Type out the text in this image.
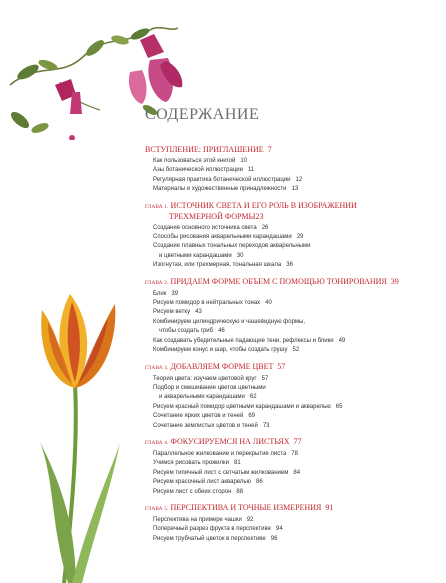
СОДЕРЖАНИЕ
ВСТУПЛЕНИЕ: ПРИГЛАШЕНИЕ 7
Как пользоваться этой книгой 10
Азы ботанической иллюстрации 11
Регулярная практика ботанической иллюстрации 12
Материалы и художественные принадлежности 13
ГЛАВА 1. ИСТОЧНИК СВЕТА И ЕГО РОЛЬ В ИЗОБРАЖЕНИИ
ТРЕХМЕРНОЙ ФОРМЫ23
Создание основного источника света 26
Способы рисования акварельными карандашами 29
Создание плавных тональных переходов акварельными
и цветными карандашами 30
Изогнутая, или трехмерная, тональная шкала 36
ГЛАВА 2. ПРИДАЕМ ФОРМЕ ОБЪЕМ С ПОМОЩЬЮ ТОНИРОВАНИЯ 39
Блик 39
Рисуем помидор в нейтральных тонах 40
Рисуем ветку 43
Комбинируем цилиндрическую и чашевидную формы,
чтобы создать гриб 46
Как создавать убедительные падающие тени, рефлексы и блики 49
Комбинируем конус и шар, чтобы создать грушу 52
ГЛАВА 3. ДОБАВЛЯЕМ ФОРМЕ ЦВЕТ 57
Теория цвета: изучаем цветовой круг 57
Подбор и смешивание цветов цветными
и акварельными карандашами 62
Рисуем красный помидор цветными карандашами и акварелью 65
Сочетание ярких цветов и теней 69
Сочетание землистых цветов и теней 73
ГЛАВА 4. ФОКУСИРУЕМСЯ НА ЛИСТЬЯХ 77
Параллельное жилкование и перекрытие листа 78
Учимся рисовать прожилки 81
Рисуем типичный лист с сетчатым жилкованием 84
Рисуем красочный лист акварелью 86
Рисуем лист с обеих сторон 88
ГЛАВА 5. ПЕРСПЕКТИВА И ТОЧНЫЕ ИЗМЕРЕНИЯ 91
Перспектива на примере чашки 92
Поперечный разрез фрукта в перспективе 94
Рисуем трубчатый цветок в перспективе 96
